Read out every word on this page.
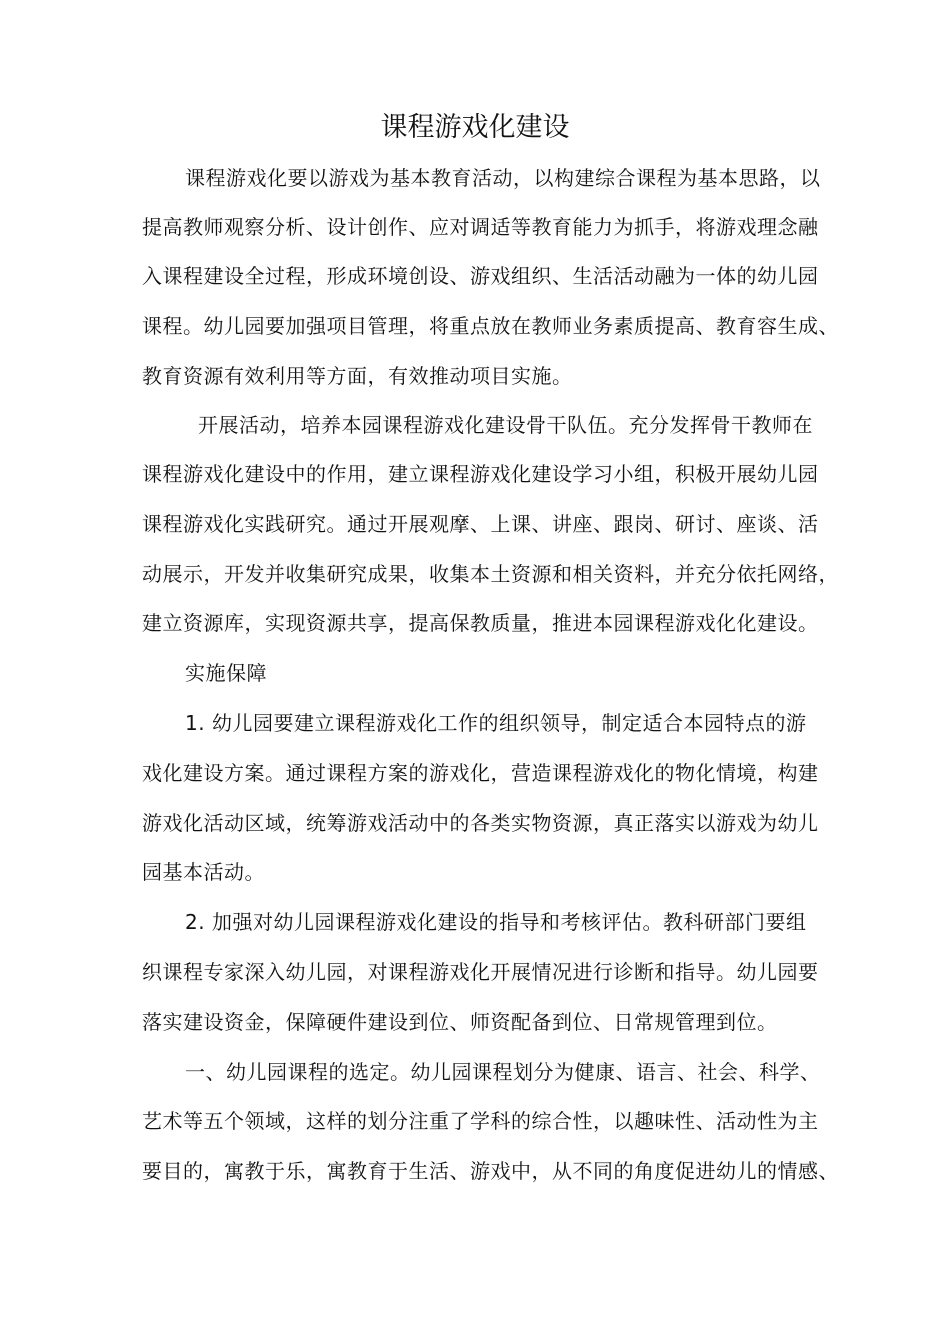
课程游戏化建设
课程游戏化要以游戏为基本教育活动，以构建综合课程为基本思路，以
提高教师观察分析、设计创作、应对调适等教育能力为抓手，将游戏理念融
入课程建设全过程，形成环境创设、游戏组织、生活活动融为一体的幼儿园
课程。幼儿园要加强项目管理，将重点放在教师业务素质提高、教育容生成、
教育资源有效利用等方面，有效推动项目实施。
开展活动，培养本园课程游戏化建设骨干队伍。充分发挥骨干教师在
课程游戏化建设中的作用，建立课程游戏化建设学习小组，积极开展幼儿园
课程游戏化实践研究。通过开展观摩、上课、讲座、跟岗、研讨、座谈、活
动展示，开发并收集研究成果，收集本土资源和相关资料，并充分依托网络，
建立资源库，实现资源共享，提高保教质量，推进本园课程游戏化化建设。
实施保障
1. 幼儿园要建立课程游戏化工作的组织领导，制定适合本园特点的游
戏化建设方案。通过课程方案的游戏化，营造课程游戏化的物化情境，构建
游戏化活动区域，统筹游戏活动中的各类实物资源，真正落实以游戏为幼儿
园基本活动。
2. 加强对幼儿园课程游戏化建设的指导和考核评估。教科研部门要组
织课程专家深入幼儿园，对课程游戏化开展情况进行诊断和指导。幼儿园要
落实建设资金，保障硬件建设到位、师资配备到位、日常规管理到位。
一、幼儿园课程的选定。幼儿园课程划分为健康、语言、社会、科学、
艺术等五个领域，这样的划分注重了学科的综合性，以趣味性、活动性为主
要目的，寓教于乐，寓教育于生活、游戏中，从不同的角度促进幼儿的情感、
